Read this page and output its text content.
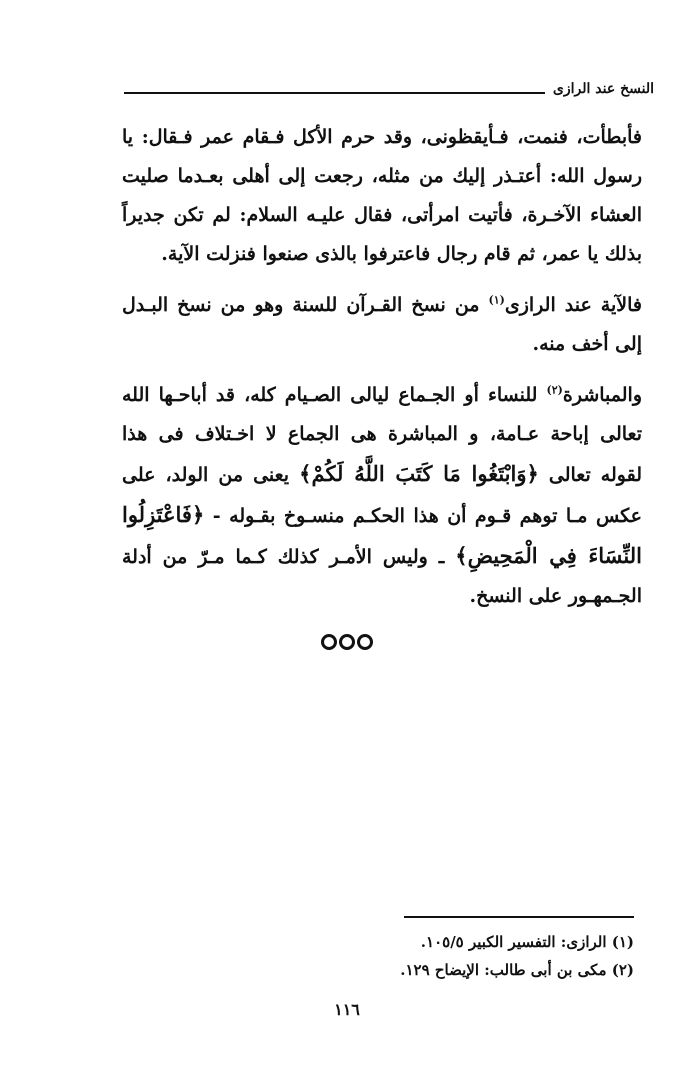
النسخ عند الرازى

فأبطأت، فنمت، فـأيقظونى، وقد حرم الأكل فـقام عمر فـقال: يا رسول الله: أعتـذر إليك من مثله، رجعت إلى أهلى بعـدما صليت العشاء الآخـرة، فأتيت امرأتى، فقال عليـه السلام: لم تكن جديراً بذلك يا عمر، ثم قام رجال فاعترفوا بالذى صنعوا فنزلت الآية.

فالآية عند الرازى$^{(١)}$ من نسخ القـرآن للسنة وهو من نسخ البـدل إلى أخف منه.

والمباشرة$^{(٢)}$ للنساء أو الجـماع ليالى الصـيام كله، قد أباحـها الله تعالى إباحة عـامة، و المباشرة هى الجماع لا اخـتلاف فى هذا لقوله تعالى ﴿وَابْتَغُوا مَا كَتَبَ اللَّهُ لَكُمْ﴾ يعنى من الولد، على عكس مـا توهم قـوم أن هذا الحكـم منسـوخ بقـوله - ﴿فَاعْتَزِلُوا النِّسَاءَ فِي الْمَحِيضِ﴾ ـ وليس الأمـر كذلك كـما مـرّ من أدلة الجـمهـور على النسخ.

(١) الرازى: التفسير الكبير ١٠٥/٥.
(٢) مكى بن أبى طالب: الإيضاح ١٢٩.
١١٦
